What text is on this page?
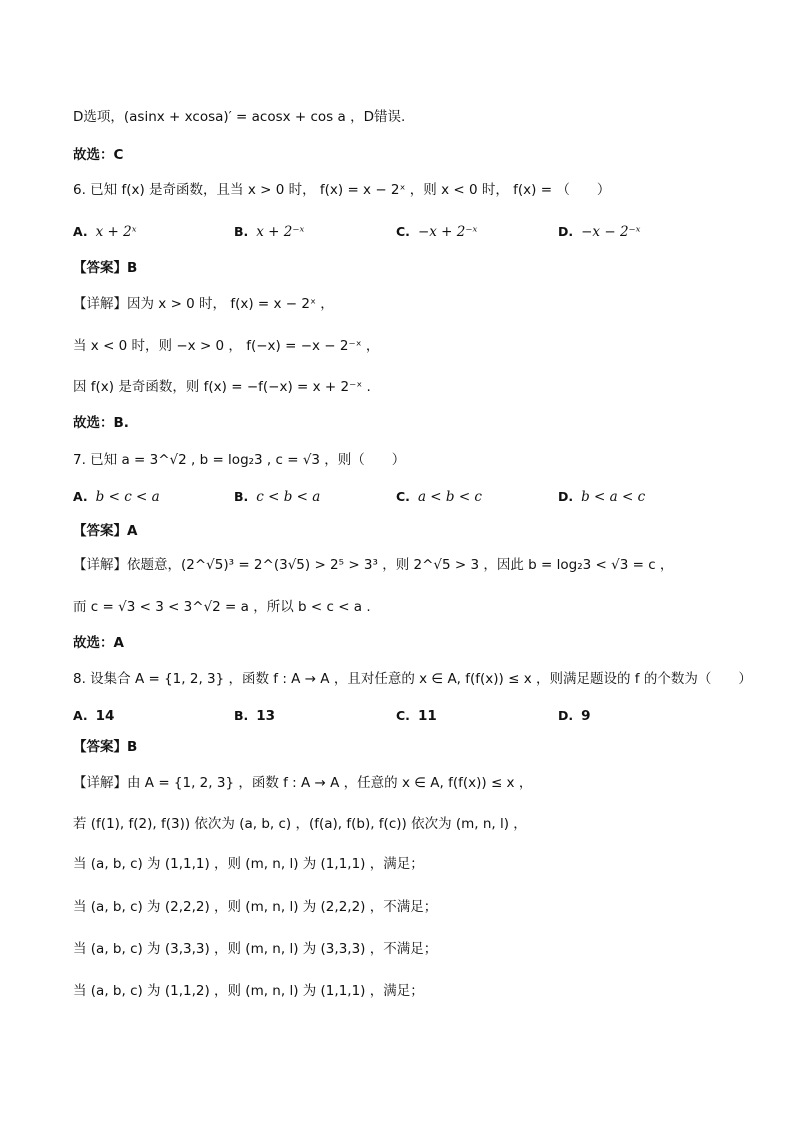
D选项，(asinx + xcosa)′ = acosx + cos a ，D错误.
故选：C
6. 已知 f(x) 是奇函数，且当 x > 0 时， f(x) = x − 2ˣ ，则 x < 0 时， f(x) = （　　）
A. x + 2ˣ	B. x + 2⁻ˣ	C. −x + 2⁻ˣ	D. −x − 2⁻ˣ
【答案】B
【详解】因为 x > 0 时， f(x) = x − 2ˣ ，
当 x < 0 时，则 −x > 0 ， f(−x) = −x − 2⁻ˣ ，
因 f(x) 是奇函数，则 f(x) = −f(−x) = x + 2⁻ˣ .
故选：B.
7. 已知 a = 3^√2 , b = log₂3 , c = √3 ，则（　　）
A. b < c < a	B. c < b < a	C. a < b < c	D. b < a < c
【答案】A
【详解】依题意，(2^√5)³ = 2^(3√5) > 2⁵ > 3³ ，则 2^√5 > 3 ，因此 b = log₂3 < √3 = c ，
而 c = √3 < 3 < 3^√2 = a ，所以 b < c < a .
故选：A
8. 设集合 A = {1, 2, 3} ，函数 f : A → A ，且对任意的 x ∈ A, f(f(x)) ≤ x ，则满足题设的 f 的个数为（　　）
A. 14	B. 13	C. 11	D. 9
【答案】B
【详解】由 A = {1, 2, 3} ，函数 f : A → A ，任意的 x ∈ A, f(f(x)) ≤ x ，
若 (f(1), f(2), f(3)) 依次为 (a, b, c) ，(f(a), f(b), f(c)) 依次为 (m, n, l) ，
当 (a, b, c) 为 (1,1,1) ，则 (m, n, l) 为 (1,1,1) ，满足；
当 (a, b, c) 为 (2,2,2) ，则 (m, n, l) 为 (2,2,2) ，不满足；
当 (a, b, c) 为 (3,3,3) ，则 (m, n, l) 为 (3,3,3) ，不满足；
当 (a, b, c) 为 (1,1,2) ，则 (m, n, l) 为 (1,1,1) ，满足；
